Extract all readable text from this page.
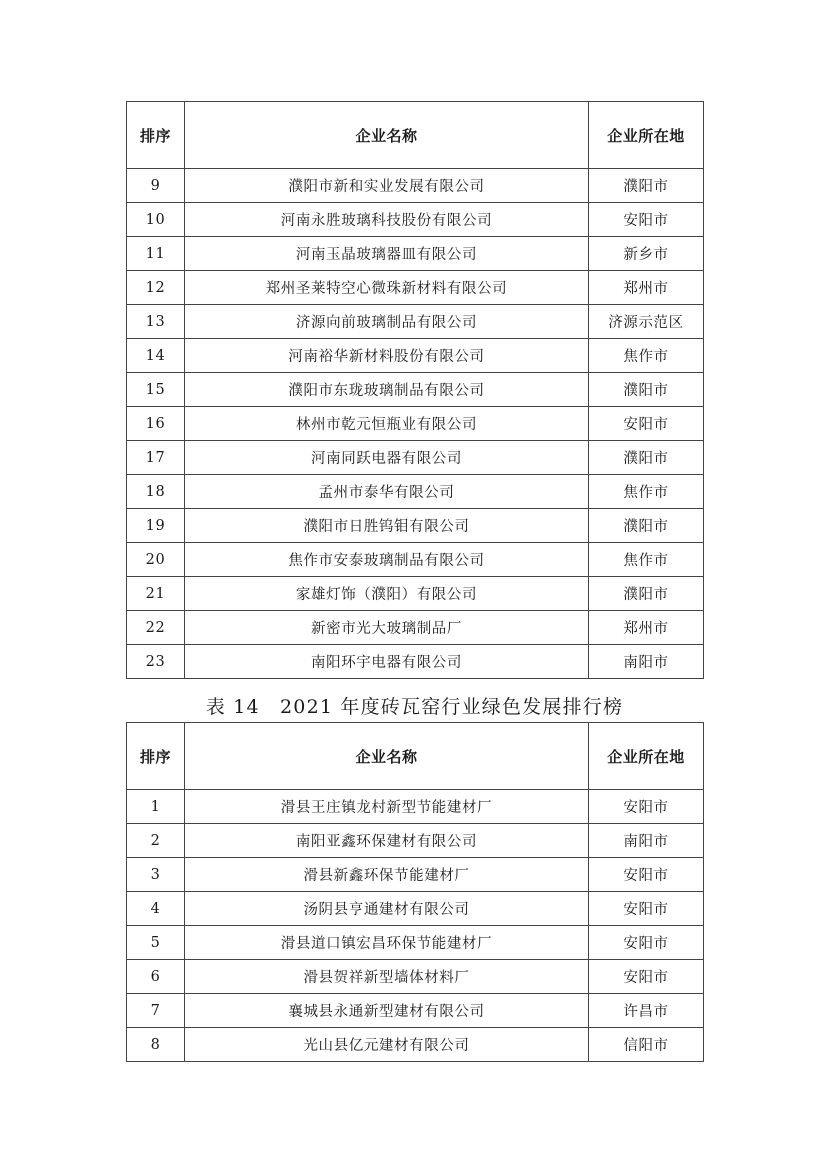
排序	企业名称	企业所在地
9	濮阳市新和实业发展有限公司	濮阳市
10	河南永胜玻璃科技股份有限公司	安阳市
11	河南玉晶玻璃器皿有限公司	新乡市
12	郑州圣莱特空心微珠新材料有限公司	郑州市
13	济源向前玻璃制品有限公司	济源示范区
14	河南裕华新材料股份有限公司	焦作市
15	濮阳市东珑玻璃制品有限公司	濮阳市
16	林州市乾元恒瓶业有限公司	安阳市
17	河南同跃电器有限公司	濮阳市
18	孟州市泰华有限公司	焦作市
19	濮阳市日胜钨钼有限公司	濮阳市
20	焦作市安泰玻璃制品有限公司	焦作市
21	家雄灯饰（濮阳）有限公司	濮阳市
22	新密市光大玻璃制品厂	郑州市
23	南阳环宇电器有限公司	南阳市
表 14　2021 年度砖瓦窑行业绿色发展排行榜
排序	企业名称	企业所在地
1	滑县王庄镇龙村新型节能建材厂	安阳市
2	南阳亚鑫环保建材有限公司	南阳市
3	滑县新鑫环保节能建材厂	安阳市
4	汤阴县亨通建材有限公司	安阳市
5	滑县道口镇宏昌环保节能建材厂	安阳市
6	滑县贺祥新型墙体材料厂	安阳市
7	襄城县永通新型建材有限公司	许昌市
8	光山县亿元建材有限公司	信阳市
